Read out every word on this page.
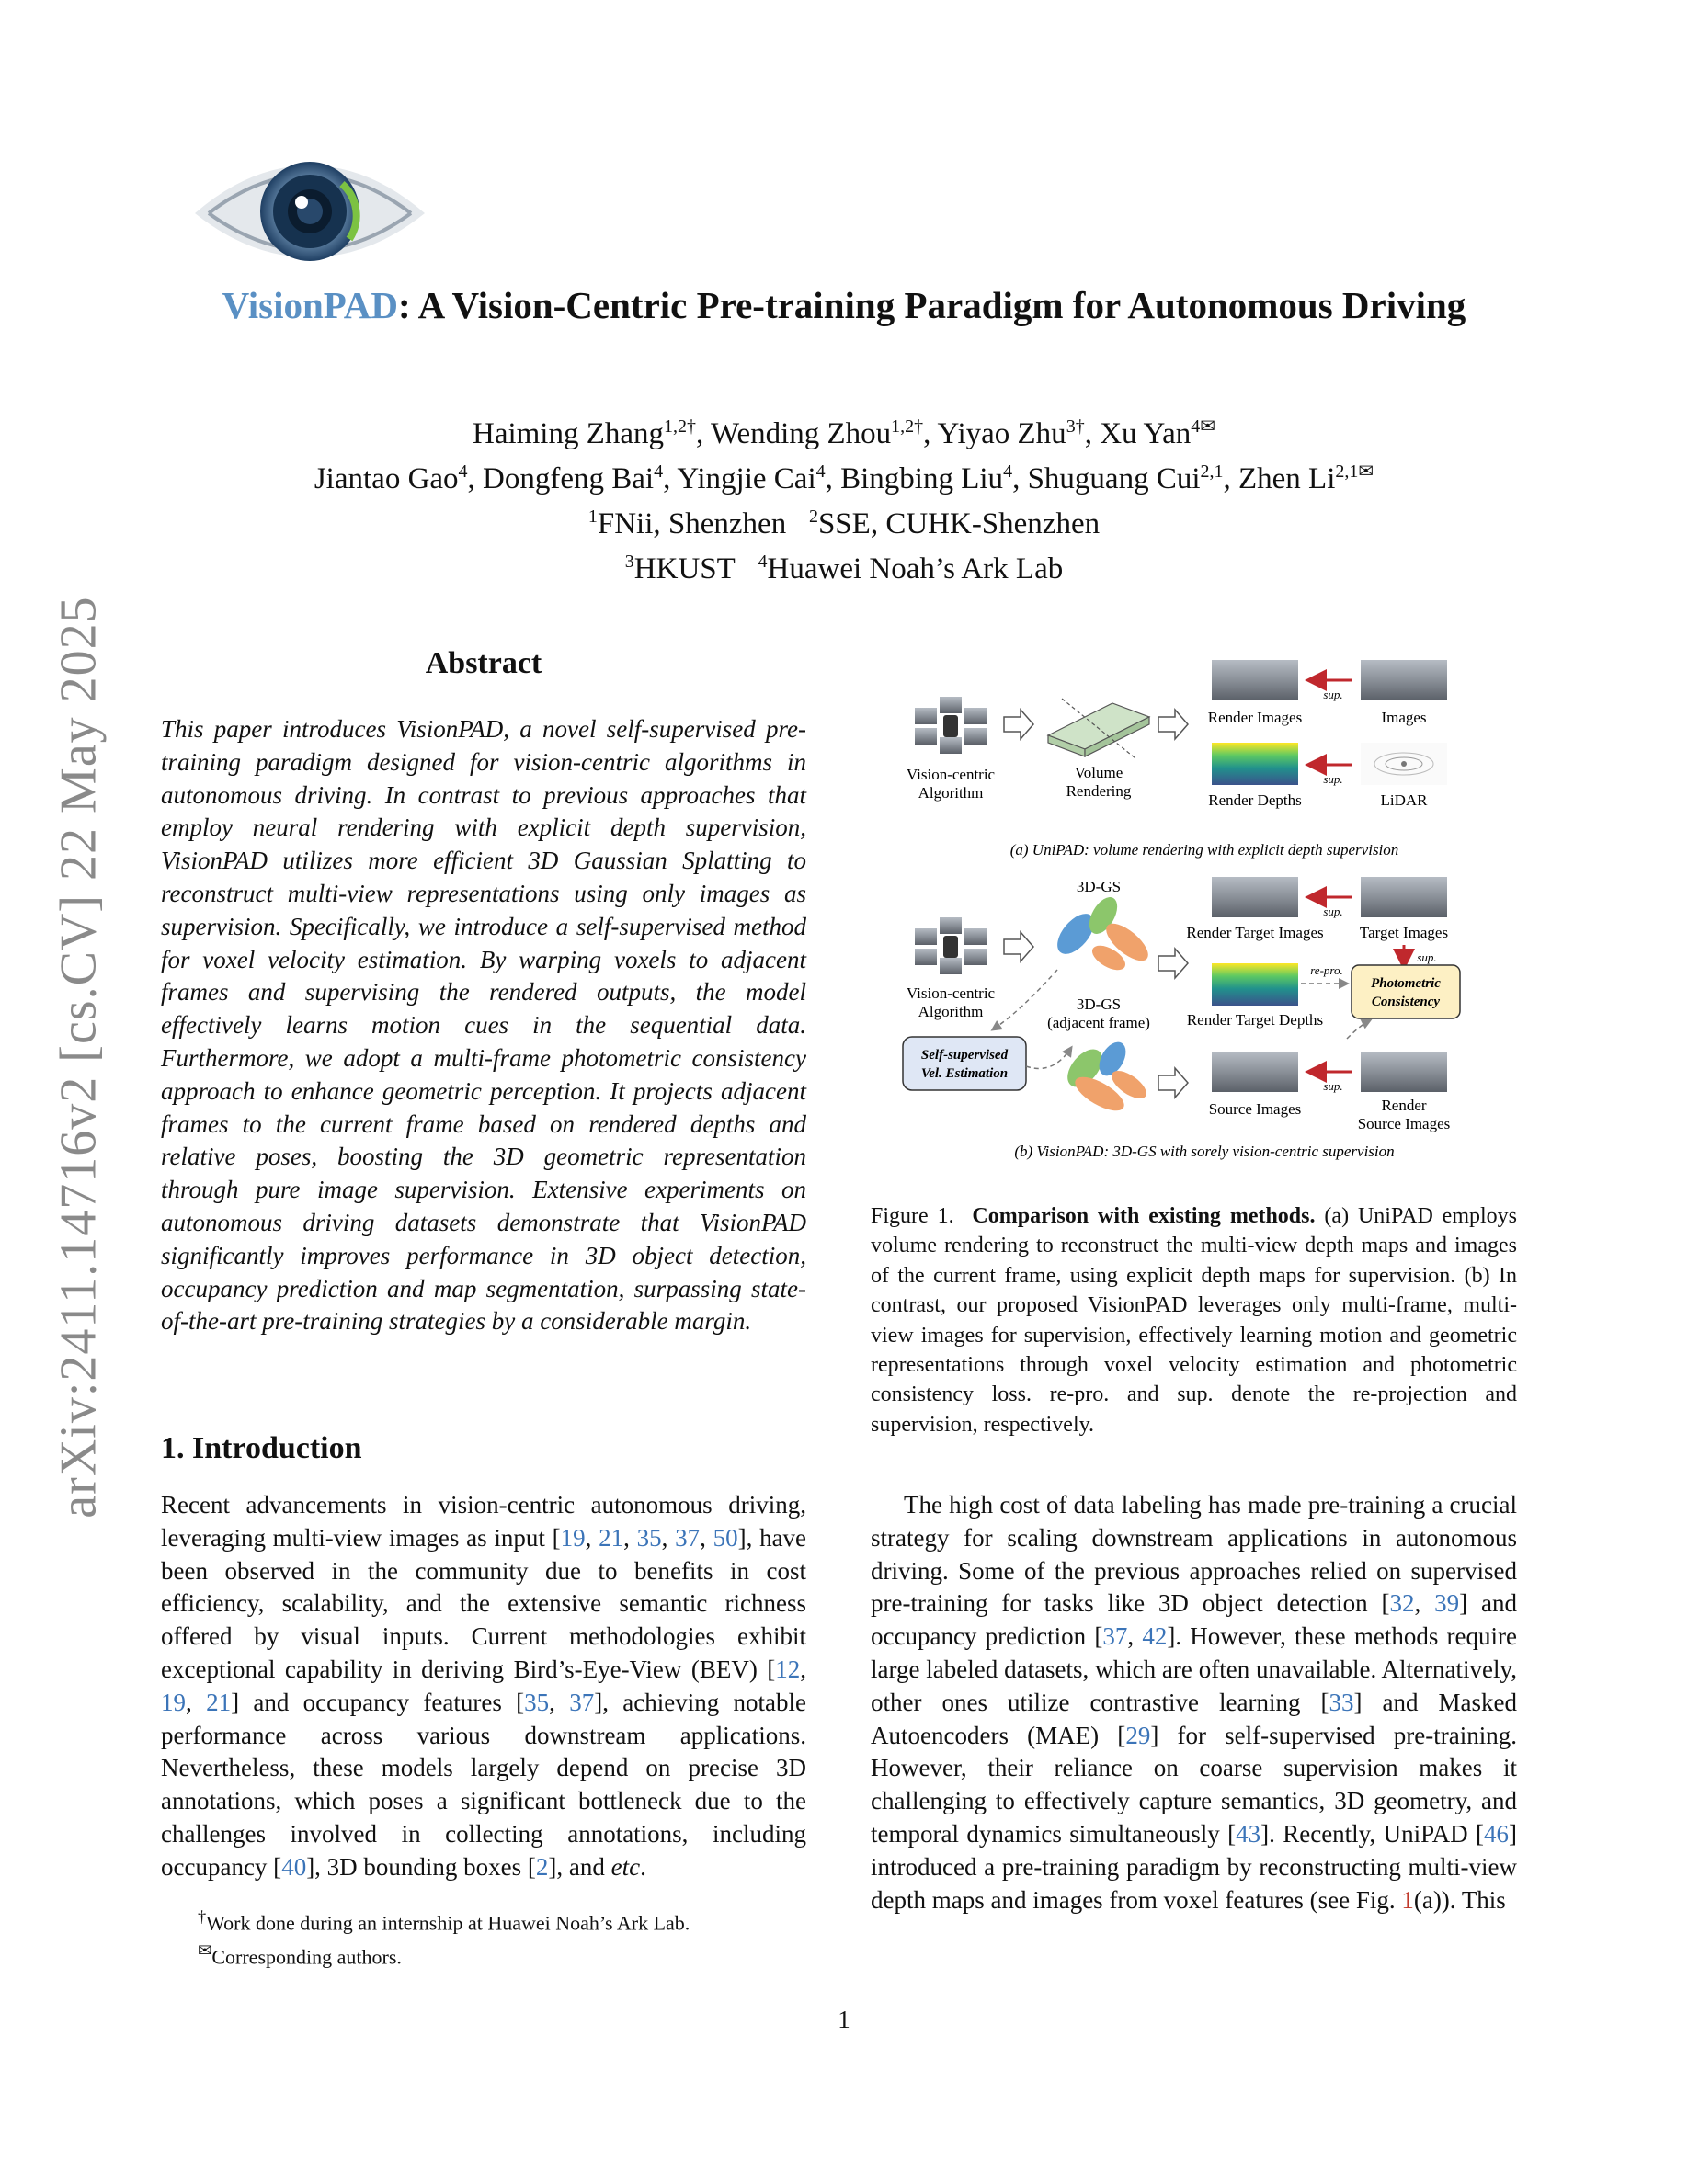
arXiv:2411.14716v2 [cs.CV] 22 May 2025
VisionPAD: A Vision-Centric Pre-training Paradigm for Autonomous Driving
Haiming Zhang$^{1,2\dagger}$, Wending Zhou$^{1,2\dagger}$, Yiyao Zhu$^{3\dagger}$, Xu Yan$^{4✉}$
Jiantao Gao$^4$, Dongfeng Bai$^4$, Yingjie Cai$^4$, Bingbing Liu$^4$, Shuguang Cui$^{2,1}$, Zhen $Li^{2,1✉}$
$^1$FNii, Shenzhen $^2$SSE, CUHK-Shenzhen
$^3$HKUST $^4$Huawei Noah’s Ark Lab
Abstract
This paper introduces VisionPAD, a novel self-supervised pre-training paradigm designed for vision-centric algorithms in autonomous driving. In contrast to previous approaches that employ neural rendering with explicit depth supervision, VisionPAD utilizes more efficient 3D Gaussian Splatting to reconstruct multi-view representations using only images as supervision. Specifically, we introduce a self-supervised method for voxel velocity estimation. By warping voxels to adjacent frames and supervising the rendered outputs, the model effectively learns motion cues in the sequential data. Furthermore, we adopt a multi-frame photometric consistency approach to enhance geometric perception. It projects adjacent frames to the current frame based on rendered depths and relative poses, boosting the 3D geometric representation through pure image supervision. Extensive experiments on autonomous driving datasets demonstrate that VisionPAD significantly improves performance in 3D object detection, occupancy prediction and map segmentation, surpassing state-of-the-art pre-training strategies by a considerable margin.
1. Introduction
Recent advancements in vision-centric autonomous driving, leveraging multi-view images as input [19, 21, 35, 37, 50], have been observed in the community due to benefits in cost efficiency, scalability, and the extensive semantic richness offered by visual inputs. Current methodologies exhibit exceptional capability in deriving Bird’s-Eye-View (BEV) [12, 19, 21] and occupancy features [35, 37], achieving notable performance across various downstream applications. Nevertheless, these models largely depend on precise 3D annotations, which poses a significant bottleneck due to the challenges involved in collecting annotations, including occupancy [40], 3D bounding boxes [2], and etc.
†Work done during an internship at Huawei Noah’s Ark Lab.
✉Corresponding authors.
Vision-centric
Algorithm
Volume
Rendering
Render Images
sup.
Images
Render Depths
sup.
LiDAR
(a) UniPAD: volume rendering with explicit depth supervision
3D-GS
Vision-centric
Algorithm	3D-GS
(adjacent frame)
Self-supervised
Vel. Estimation
Render Target Images
sup.
Target Images
sup.
Render Target Depths
re-pro.
Photometric
Consistency
Source Images
sup.
Render
Source Images
(b) VisionPAD: 3D-GS with sorely vision-centric supervision
Figure 1. Comparison with existing methods. (a) UniPAD employs volume rendering to reconstruct the multi-view depth maps and images of the current frame, using explicit depth maps for supervision. (b) In contrast, our proposed VisionPAD leverages only multi-frame, multi-view images for supervision, effectively learning motion and geometric representations through voxel velocity estimation and photometric consistency loss. re-pro. and sup. denote the re-projection and supervision, respectively.
The high cost of data labeling has made pre-training a crucial strategy for scaling downstream applications in autonomous driving. Some of the previous approaches relied on supervised pre-training for tasks like 3D object detection [32, 39] and occupancy prediction [37, 42]. However, these methods require large labeled datasets, which are often unavailable. Alternatively, other ones utilize contrastive learning [33] and Masked Autoencoders (MAE) [29] for self-supervised pre-training. However, their reliance on coarse supervision makes it challenging to effectively capture semantics, 3D geometry, and temporal dynamics simultaneously [43]. Recently, UniPAD [46] introduced a pre-training paradigm by reconstructing multi-view depth maps and images from voxel features (see Fig. 1(a)). This
1
